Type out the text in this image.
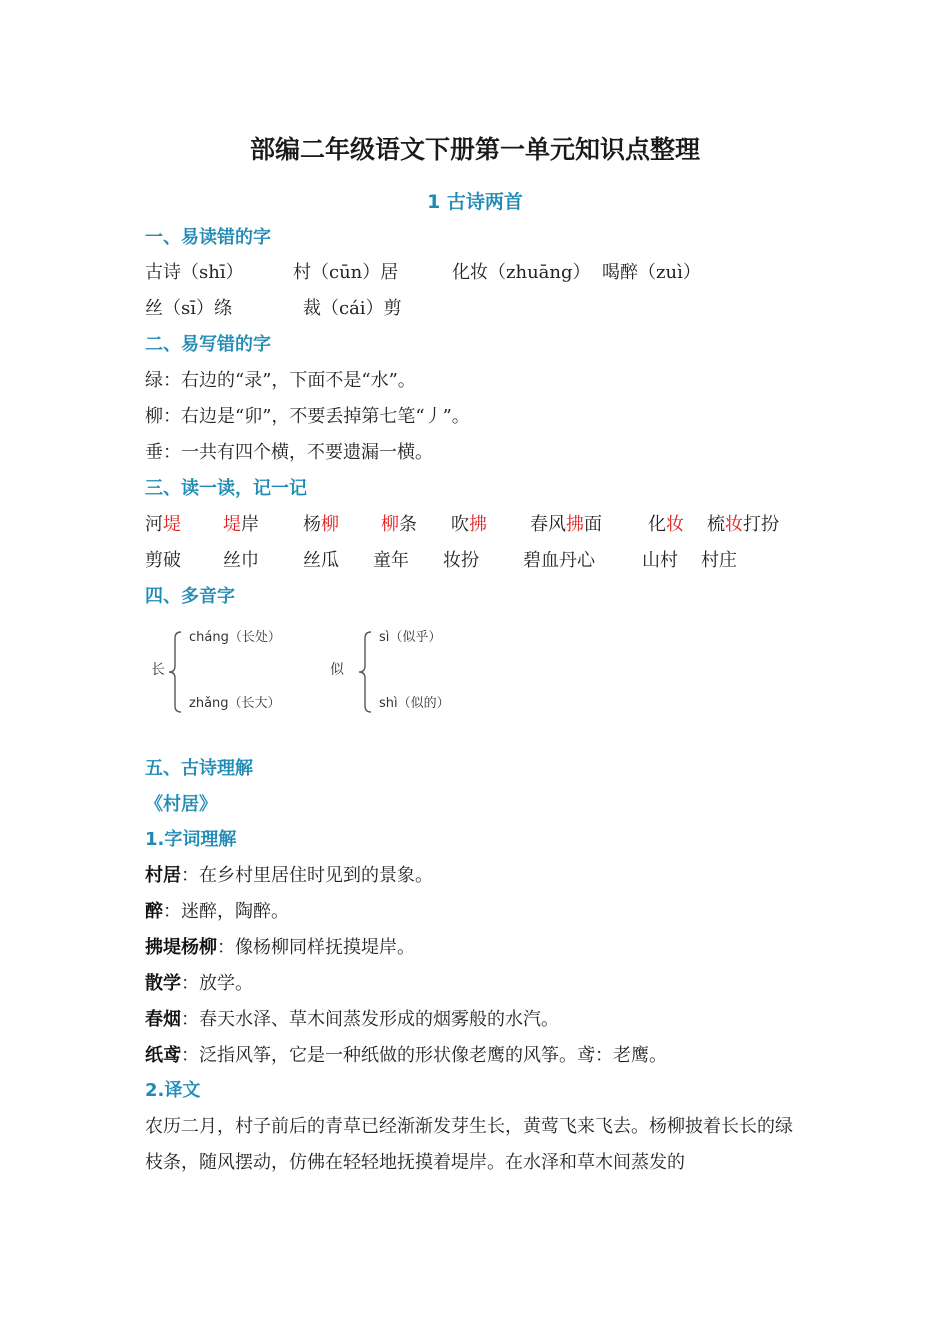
部编二年级语文下册第一单元知识点整理
1 古诗两首
一、易读错的字
古诗（shī）	村（cūn）居	化妆（zhuāng） 喝醉（zuì）
丝（sī）绦	裁（cái）剪
二、易写错的字
绿：右边的“录”，下面不是“水”。
柳：右边是“卯”，不要丢掉第七笔“丿”。
垂：一共有四个横，不要遗漏一横。
三、读一读，记一记
河堤 堤岸 杨柳 柳条 吹拂 春风拂面	化妆 梳妆打扮
剪破 丝巾 丝瓜 童年 妆扮 碧血丹心	山村 村庄
四、多音字
长
cháng（长处）
zhǎng（长大）
似
sì（似乎）
shì（似的）
五、古诗理解
《村居》
1.字词理解
村居：在乡村里居住时见到的景象。
醉：迷醉，陶醉。
拂堤杨柳：像杨柳同样抚摸堤岸。
散学：放学。
春烟：春天水泽、草木间蒸发形成的烟雾般的水汽。
纸鸢：泛指风筝，它是一种纸做的形状像老鹰的风筝。鸢：老鹰。
2.译文
农历二月，村子前后的青草已经渐渐发芽生长，黄莺飞来飞去。杨柳披着长长的绿枝条，随风摆动，仿佛在轻轻地抚摸着堤岸。在水泽和草木间蒸发的
